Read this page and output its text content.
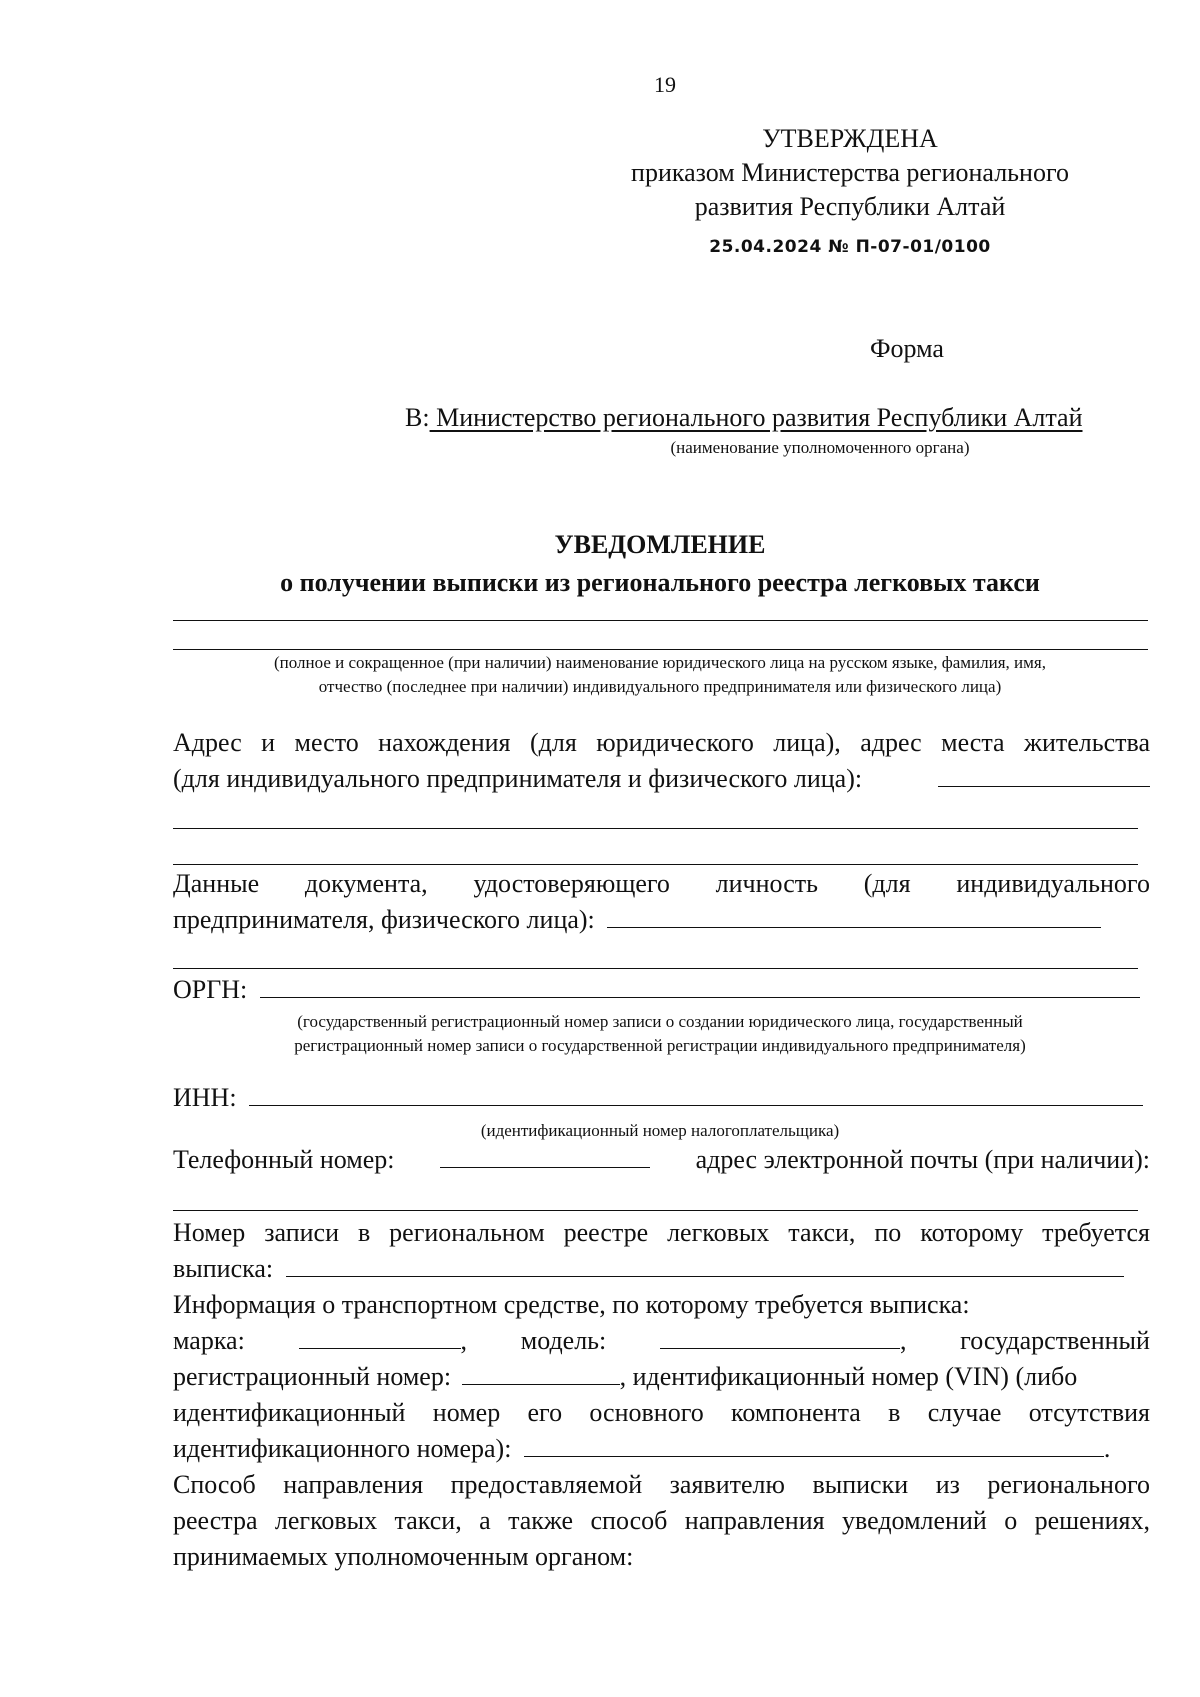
19
УТВЕРЖДЕНА
приказом Министерства регионального
развития Республики Алтай
25.04.2024 № П-07-01/0100
Форма
В: Министерство регионального развития Республики Алтай
(наименование уполномоченного органа)
УВЕДОМЛЕНИЕ
о получении выписки из регионального реестра легковых такси
(полное и сокращенное (при наличии) наименование юридического лица на русском языке, фамилия, имя,
отчество (последнее при наличии) индивидуального предпринимателя или физического лица)
Адрес и место нахождения (для юридического лица), адрес места жительства
(для индивидуального предпринимателя и физического лица):
Данные документа, удостоверяющего личность (для индивидуального
предпринимателя, физического лица):
ОРГН:
(государственный регистрационный номер записи о создании юридического лица, государственный
регистрационный номер записи о государственной регистрации индивидуального предпринимателя)
ИНН:
(идентификационный номер налогоплательщика)
Телефонный номер:	адрес электронной почты (при наличии):
Номер записи в региональном реестре легковых такси, по которому требуется
выписка:
Информация о транспортном средстве, по которому требуется выписка:
марка:	, модель:	, государственный
регистрационный номер:	, идентификационный номер (VIN) (либо
идентификационный номер его основного компонента в случае отсутствия
идентификационного номера):	.
Способ направления предоставляемой заявителю выписки из регионального
реестра легковых такси, а также способ направления уведомлений о решениях,
принимаемых уполномоченным органом:
